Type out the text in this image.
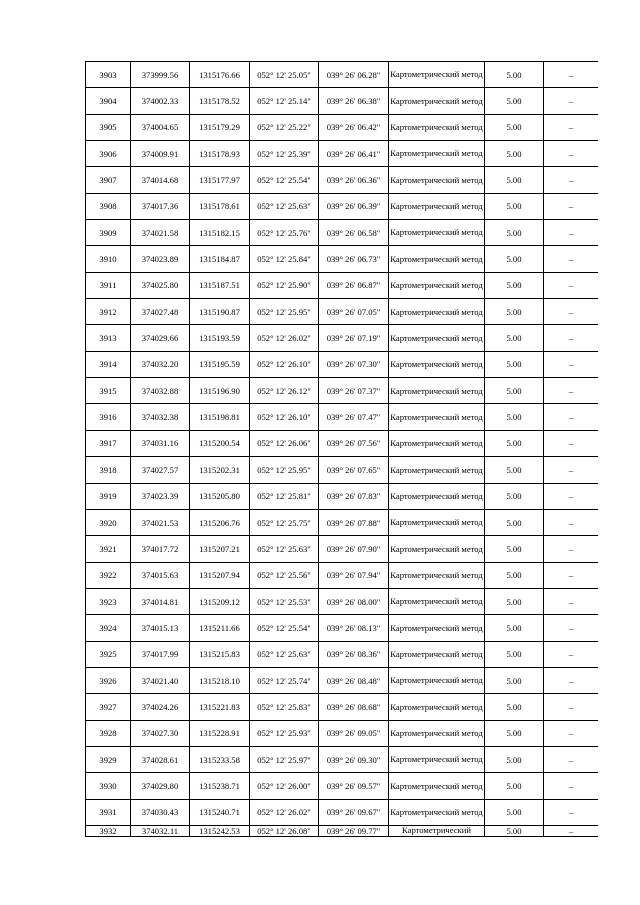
3903	373999.56	1315176.66	052° 12' 25.05"	039° 26' 06.28"	Картометрический метод	5.00	–
3904	374002.33	1315178.52	052° 12' 25.14"	039° 26' 06.38"	Картометрический метод	5.00	–
3905	374004.65	1315179.29	052° 12' 25.22"	039° 26' 06.42"	Картометрический метод	5.00	–
3906	374009.91	1315178.93	052° 12' 25.39"	039° 26' 06.41"	Картометрический метод	5.00	–
3907	374014.68	1315177.97	052° 12' 25.54"	039° 26' 06.36"	Картометрический метод	5.00	–
3908	374017.36	1315178.61	052° 12' 25.63"	039° 26' 06.39"	Картометрический метод	5.00	–
3909	374021.58	1315182.15	052° 12' 25.76"	039° 26' 06.58"	Картометрический метод	5.00	–
3910	374023.89	1315184.87	052° 12' 25.84"	039° 26' 06.73"	Картометрический метод	5.00	–
3911	374025.80	1315187.51	052° 12' 25.90"	039° 26' 06.87"	Картометрический метод	5.00	–
3912	374027.48	1315190.87	052° 12' 25.95"	039° 26' 07.05"	Картометрический метод	5.00	–
3913	374029.66	1315193.59	052° 12' 26.02"	039° 26' 07.19"	Картометрический метод	5.00	–
3914	374032.20	1315195.59	052° 12' 26.10"	039° 26' 07.30"	Картометрический метод	5.00	–
3915	374032.88	1315196.90	052° 12' 26.12"	039° 26' 07.37"	Картометрический метод	5.00	–
3916	374032.38	1315198.81	052° 12' 26.10"	039° 26' 07.47"	Картометрический метод	5.00	–
3917	374031.16	1315200.54	052° 12' 26.06"	039° 26' 07.56"	Картометрический метод	5.00	–
3918	374027.57	1315202.31	052° 12' 25.95"	039° 26' 07.65"	Картометрический метод	5.00	–
3919	374023.39	1315205.80	052° 12' 25.81"	039° 26' 07.83"	Картометрический метод	5.00	–
3920	374021.53	1315206.76	052° 12' 25.75"	039° 26' 07.88"	Картометрический метод	5.00	–
3921	374017.72	1315207.21	052° 12' 25.63"	039° 26' 07.90"	Картометрический метод	5.00	–
3922	374015.63	1315207.94	052° 12' 25.56"	039° 26' 07.94"	Картометрический метод	5.00	–
3923	374014.81	1315209.12	052° 12' 25.53"	039° 26' 08.00"	Картометрический метод	5.00	–
3924	374015.13	1315211.66	052° 12' 25.54"	039° 26' 08.13"	Картометрический метод	5.00	–
3925	374017.99	1315215.83	052° 12' 25.63"	039° 26' 08.36"	Картометрический метод	5.00	–
3926	374021.40	1315218.10	052° 12' 25.74"	039° 26' 08.48"	Картометрический метод	5.00	–
3927	374024.26	1315221.83	052° 12' 25.83"	039° 26' 08.68"	Картометрический метод	5.00	–
3928	374027.30	1315228.91	052° 12' 25.93"	039° 26' 09.05"	Картометрический метод	5.00	–
3929	374028.61	1315233.58	052° 12' 25.97"	039° 26' 09.30"	Картометрический метод	5.00	–
3930	374029.80	1315238.71	052° 12' 26.00"	039° 26' 09.57"	Картометрический метод	5.00	–
3931	374030.43	1315240.71	052° 12' 26.02"	039° 26' 09.67"	Картометрический метод	5.00	–
3932	374032.11	1315242.53	052° 12' 26.08"	039° 26' 09.77"	Картометрический	5.00	–
